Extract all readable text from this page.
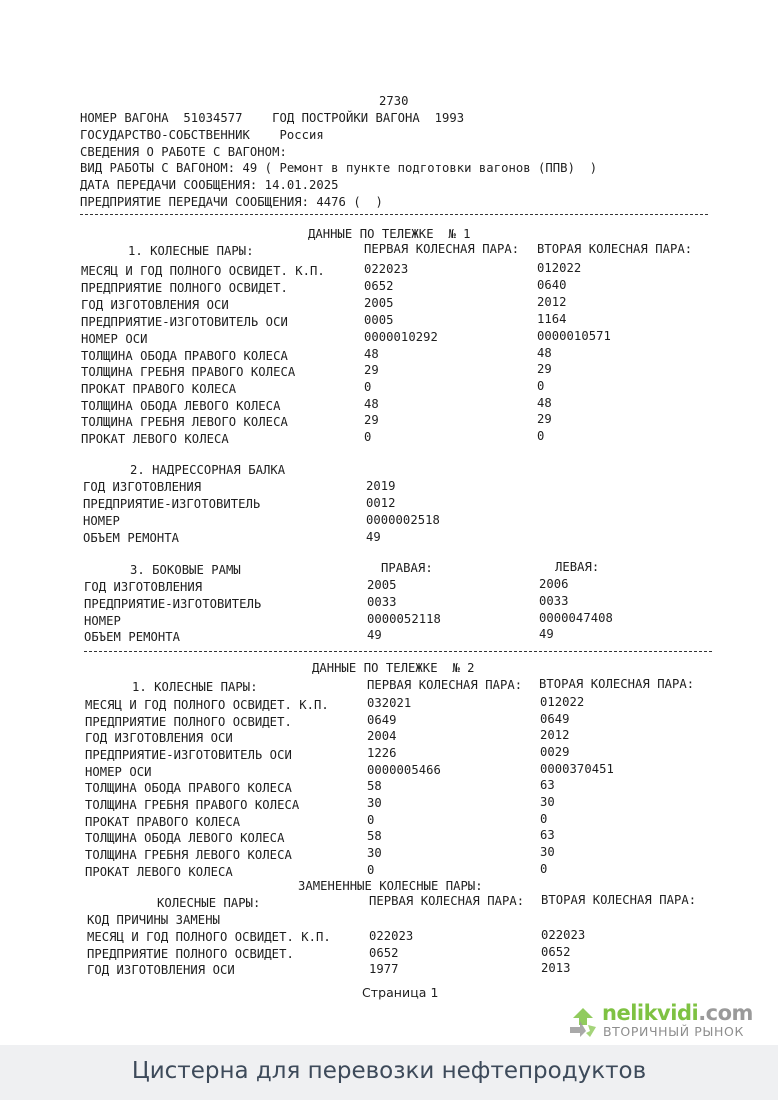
2730
НОМЕР ВАГОНА  51034577    ГОД ПОСТРОЙКИ ВАГОНА  1993
ГОСУДАРСТВО-СОБСТВЕННИК    Россия
СВЕДЕНИЯ О РАБОТЕ С ВАГОНОМ:
ВИД РАБОТЫ С ВАГОНОМ: 49 ( Ремонт в пункте подготовки вагонов (ППВ)  )
ДАТА ПЕРЕДАЧИ СООБЩЕНИЯ: 14.01.2025
ПРЕДПРИЯТИЕ ПЕРЕДАЧИ СООБЩЕНИЯ: 4476 (  )
ДАННЫЕ ПО ТЕЛЕЖКЕ  № 1
1. КОЛЕСНЫЕ ПАРЫ:	ПЕРВАЯ КОЛЕСНАЯ ПАРА: ВТОРАЯ КОЛЕСНАЯ ПАРА:
МЕСЯЦ И ГОД ПОЛНОГО ОСВИДЕТ. К.П.	022023	012022
ПРЕДПРИЯТИЕ ПОЛНОГО ОСВИДЕТ.	0652	0640
ГОД ИЗГОТОВЛЕНИЯ ОСИ	2005	2012
ПРЕДПРИЯТИЕ-ИЗГОТОВИТЕЛЬ ОСИ	0005	1164
НОМЕР ОСИ	0000010292	0000010571
ТОЛЩИНА ОБОДА ПРАВОГО КОЛЕСА	48	48
ТОЛЩИНА ГРЕБНЯ ПРАВОГО КОЛЕСА	29	29
ПРОКАТ ПРАВОГО КОЛЕСА	0	0
ТОЛЩИНА ОБОДА ЛЕВОГО КОЛЕСА	48	48
ТОЛЩИНА ГРЕБНЯ ЛЕВОГО КОЛЕСА	29	29
ПРОКАТ ЛЕВОГО КОЛЕСА	0	0
2. НАДРЕССОРНАЯ БАЛКА
ГОД ИЗГОТОВЛЕНИЯ	2019
ПРЕДПРИЯТИЕ-ИЗГОТОВИТЕЛЬ	0012
НОМЕР	0000002518
ОБЪЕМ РЕМОНТА	49
3. БОКОВЫЕ РАМЫ	ПРАВАЯ:	ЛЕВАЯ:
ГОД ИЗГОТОВЛЕНИЯ	2005	2006
ПРЕДПРИЯТИЕ-ИЗГОТОВИТЕЛЬ	0033	0033
НОМЕР	0000052118	0000047408
ОБЪЕМ РЕМОНТА	49	49
ДАННЫЕ ПО ТЕЛЕЖКЕ  № 2
1. КОЛЕСНЫЕ ПАРЫ:	ПЕРВАЯ КОЛЕСНАЯ ПАРА: ВТОРАЯ КОЛЕСНАЯ ПАРА:
МЕСЯЦ И ГОД ПОЛНОГО ОСВИДЕТ. К.П.	032021	012022
ПРЕДПРИЯТИЕ ПОЛНОГО ОСВИДЕТ.	0649	0649
ГОД ИЗГОТОВЛЕНИЯ ОСИ	2004	2012
ПРЕДПРИЯТИЕ-ИЗГОТОВИТЕЛЬ ОСИ	1226	0029
НОМЕР ОСИ	0000005466	0000370451
ТОЛЩИНА ОБОДА ПРАВОГО КОЛЕСА	58	63
ТОЛЩИНА ГРЕБНЯ ПРАВОГО КОЛЕСА	30	30
ПРОКАТ ПРАВОГО КОЛЕСА	0	0
ТОЛЩИНА ОБОДА ЛЕВОГО КОЛЕСА	58	63
ТОЛЩИНА ГРЕБНЯ ЛЕВОГО КОЛЕСА	30	30
ПРОКАТ ЛЕВОГО КОЛЕСА	0	0
ЗАМЕНЕННЫЕ КОЛЕСНЫЕ ПАРЫ:
КОЛЕСНЫЕ ПАРЫ:	ПЕРВАЯ КОЛЕСНАЯ ПАРА: ВТОРАЯ КОЛЕСНАЯ ПАРА:
КОД ПРИЧИНЫ ЗАМЕНЫ
МЕСЯЦ И ГОД ПОЛНОГО ОСВИДЕТ. К.П.	022023	022023
ПРЕДПРИЯТИЕ ПОЛНОГО ОСВИДЕТ.	0652	0652
ГОД ИЗГОТОВЛЕНИЯ ОСИ	1977	2013
Страница 1
nelikvidi.com
ВТОРИЧНЫЙ РЫНОК
Цистерна для перевозки нефтепродуктов
